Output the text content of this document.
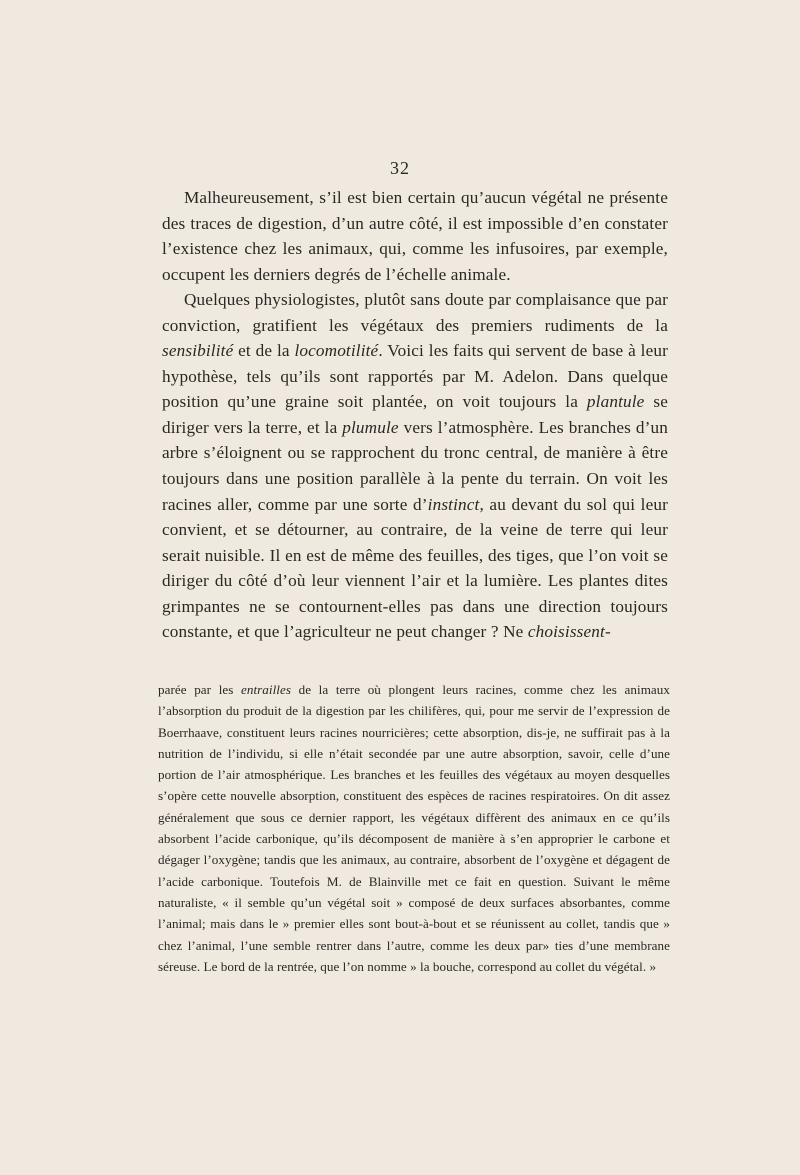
32

Malheureusement, s’il est bien certain qu’aucun végétal ne présente des traces de digestion, d’un autre côté, il est impossible d’en constater l’existence chez les animaux, qui, comme les infusoires, par exemple, occupent les derniers degrés de l’échelle animale.

Quelques physiologistes, plutôt sans doute par complaisance que par conviction, gratifient les végétaux des premiers rudiments de la sensibilité et de la locomotilité. Voici les faits qui servent de base à leur hypothèse, tels qu’ils sont rapportés par M. Adelon. Dans quelque position qu’une graine soit plantée, on voit toujours la plantule se diriger vers la terre, et la plumule vers l’atmosphère. Les branches d’un arbre s’éloignent ou se rapprochent du tronc central, de manière à être toujours dans une position parallèle à la pente du terrain. On voit les racines aller, comme par une sorte d’instinct, au devant du sol qui leur convient, et se détourner, au contraire, de la veine de terre qui leur serait nuisible. Il en est de même des feuilles, des tiges, que l’on voit se diriger du côté d’où leur viennent l’air et la lumière. Les plantes dites grimpantes ne se contournent-elles pas dans une direction toujours constante, et que l’agriculteur ne peut changer ? Ne choisissent-

parée par les entrailles de la terre où plongent leurs racines, comme chez les animaux l’absorption du produit de la digestion par les chilifères, qui, pour me servir de l’expression de Boerrhaave, constituent leurs racines nourricières; cette absorption, dis-je, ne suffirait pas à la nutrition de l’individu, si elle n’était secondée par une autre absorption, savoir, celle d’une portion de l’air atmosphérique. Les branches et les feuilles des végétaux au moyen desquelles s’opère cette nouvelle absorption, constituent des espèces de racines respiratoires. On dit assez généralement que sous ce dernier rapport, les végétaux diffèrent des animaux en ce qu’ils absorbent l’acide carbonique, qu’ils décomposent de manière à s’en approprier le carbone et dégager l’oxygène; tandis que les animaux, au contraire, absorbent de l’oxygène et dégagent de l’acide carbonique. Toutefois M. de Blainville met ce fait en question. Suivant le même naturaliste, « il semble qu’un végétal soit » composé de deux surfaces absorbantes, comme l’animal; mais dans le » premier elles sont bout-à-bout et se réunissent au collet, tandis que » chez l’animal, l’une semble rentrer dans l’autre, comme les deux par» ties d’une membrane séreuse. Le bord de la rentrée, que l’on nomme » la bouche, correspond au collet du végétal. »
